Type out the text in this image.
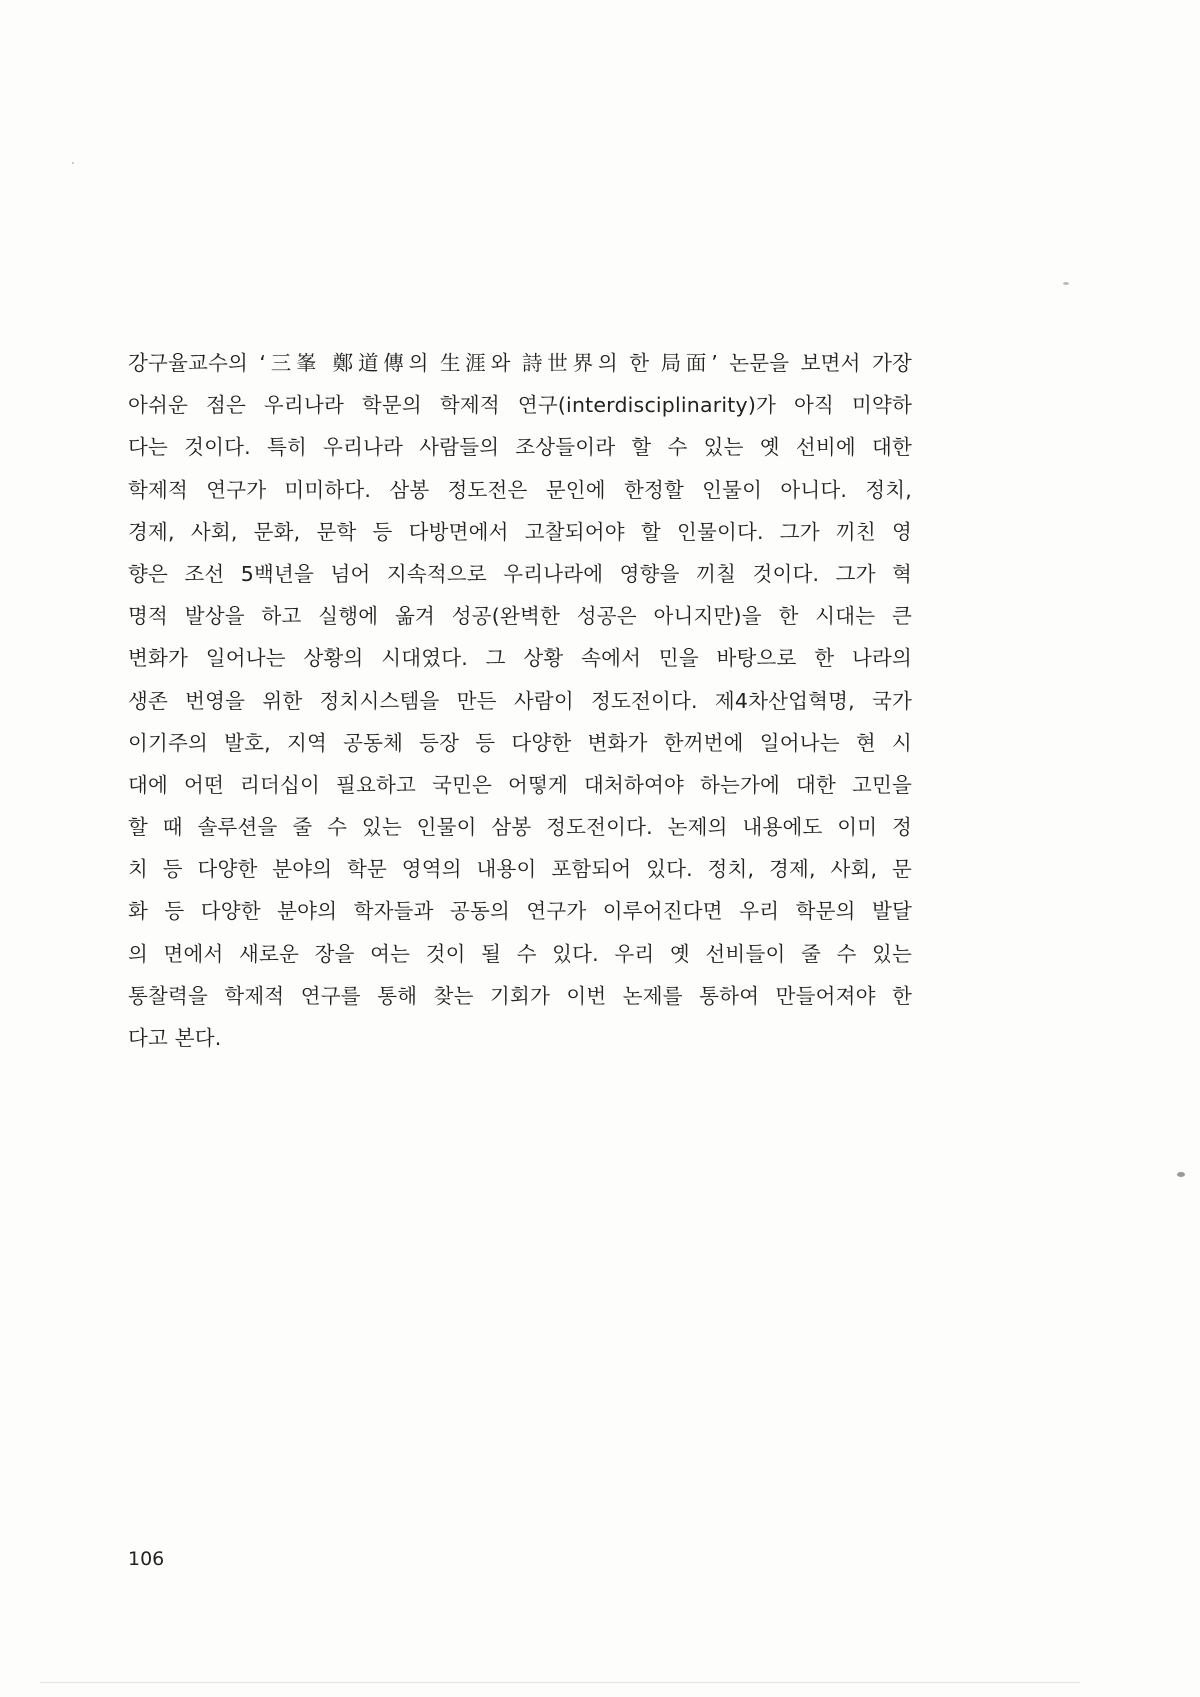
강구율교수의 ‘三峯 鄭道傳의 生涯와 詩世界의 한 局面’ 논문을 보면서 가장
아쉬운 점은 우리나라 학문의 학제적 연구(interdisciplinarity)가 아직 미약하
다는 것이다. 특히 우리나라 사람들의 조상들이라 할 수 있는 옛 선비에 대한
학제적 연구가 미미하다. 삼봉 정도전은 문인에 한정할 인물이 아니다. 정치,
경제, 사회, 문화, 문학 등 다방면에서 고찰되어야 할 인물이다. 그가 끼친 영
향은 조선 5백년을 넘어 지속적으로 우리나라에 영향을 끼칠 것이다. 그가 혁
명적 발상을 하고 실행에 옮겨 성공(완벽한 성공은 아니지만)을 한 시대는 큰
변화가 일어나는 상황의 시대였다. 그 상황 속에서 민을 바탕으로 한 나라의
생존 번영을 위한 정치시스템을 만든 사람이 정도전이다. 제4차산업혁명, 국가
이기주의 발호, 지역 공동체 등장 등 다양한 변화가 한꺼번에 일어나는 현 시
대에 어떤 리더십이 필요하고 국민은 어떻게 대처하여야 하는가에 대한 고민을
할 때 솔루션을 줄 수 있는 인물이 삼봉 정도전이다. 논제의 내용에도 이미 정
치 등 다양한 분야의 학문 영역의 내용이 포함되어 있다. 정치, 경제, 사회, 문
화 등 다양한 분야의 학자들과 공동의 연구가 이루어진다면 우리 학문의 발달
의 면에서 새로운 장을 여는 것이 될 수 있다. 우리 옛 선비들이 줄 수 있는
통찰력을 학제적 연구를 통해 찾는 기회가 이번 논제를 통하여 만들어져야 한
다고 본다.
106
